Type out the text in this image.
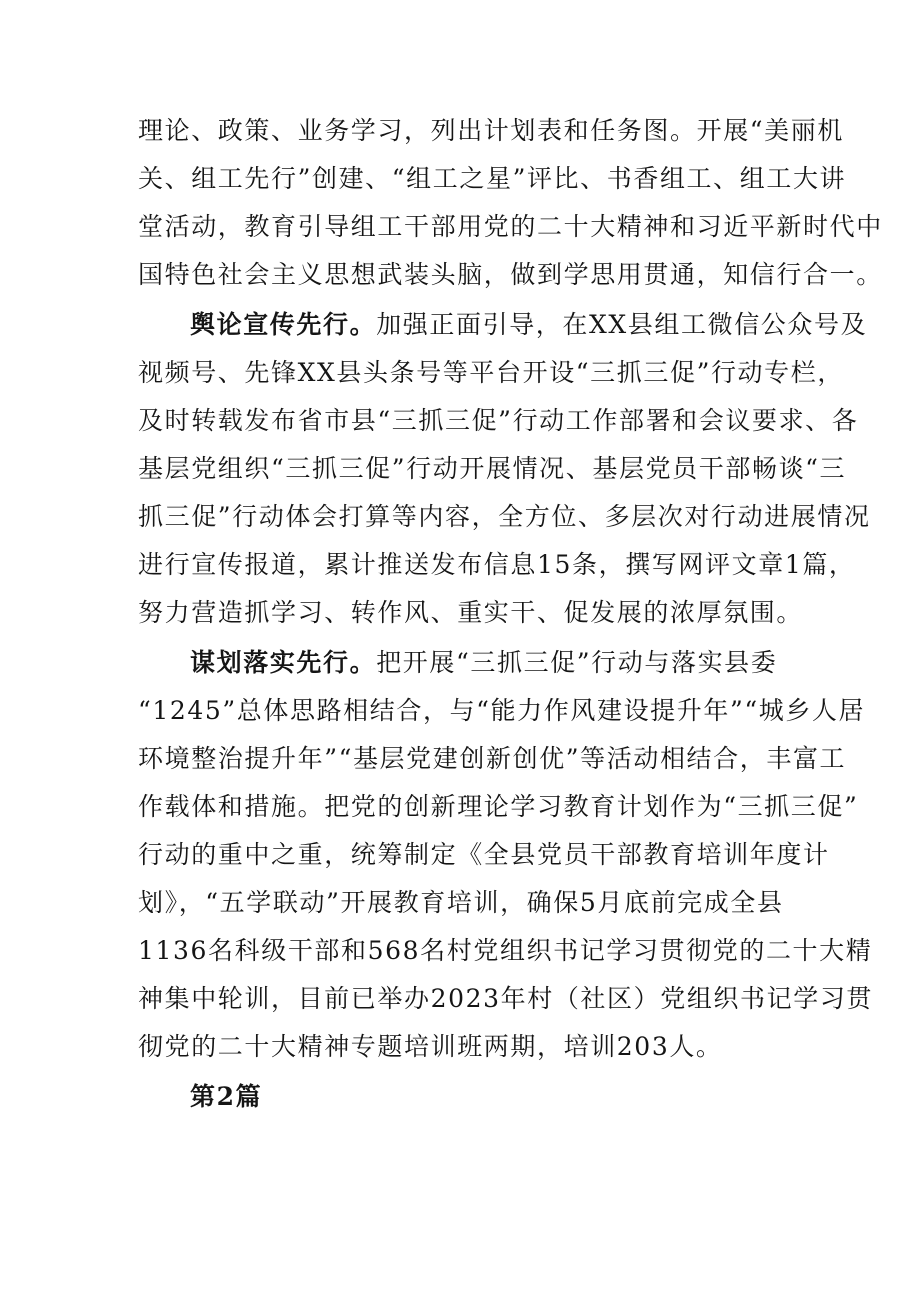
理论、政策、业务学习，列出计划表和任务图。开展“美丽机
关、组工先行”创建、“组工之星”评比、书香组工、组工大讲
堂活动，教育引导组工干部用党的二十大精神和习近平新时代中
国特色社会主义思想武装头脑，做到学思用贯通，知信行合一。
舆论宣传先行。加强正面引导，在XX县组工微信公众号及
视频号、先锋XX县头条号等平台开设“三抓三促”行动专栏，
及时转载发布省市县“三抓三促”行动工作部署和会议要求、各
基层党组织“三抓三促”行动开展情况、基层党员干部畅谈“三
抓三促”行动体会打算等内容，全方位、多层次对行动进展情况
进行宣传报道，累计推送发布信息15条，撰写网评文章1篇，
努力营造抓学习、转作风、重实干、促发展的浓厚氛围。
谋划落实先行。把开展“三抓三促”行动与落实县委
“1245”总体思路相结合，与“能力作风建设提升年”“城乡人居
环境整治提升年”“基层党建创新创优”等活动相结合，丰富工
作载体和措施。把党的创新理论学习教育计划作为“三抓三促”
行动的重中之重，统筹制定《全县党员干部教育培训年度计
划》，“五学联动”开展教育培训，确保5月底前完成全县
1136名科级干部和568名村党组织书记学习贯彻党的二十大精
神集中轮训，目前已举办2023年村（社区）党组织书记学习贯
彻党的二十大精神专题培训班两期，培训203人。
第2篇
